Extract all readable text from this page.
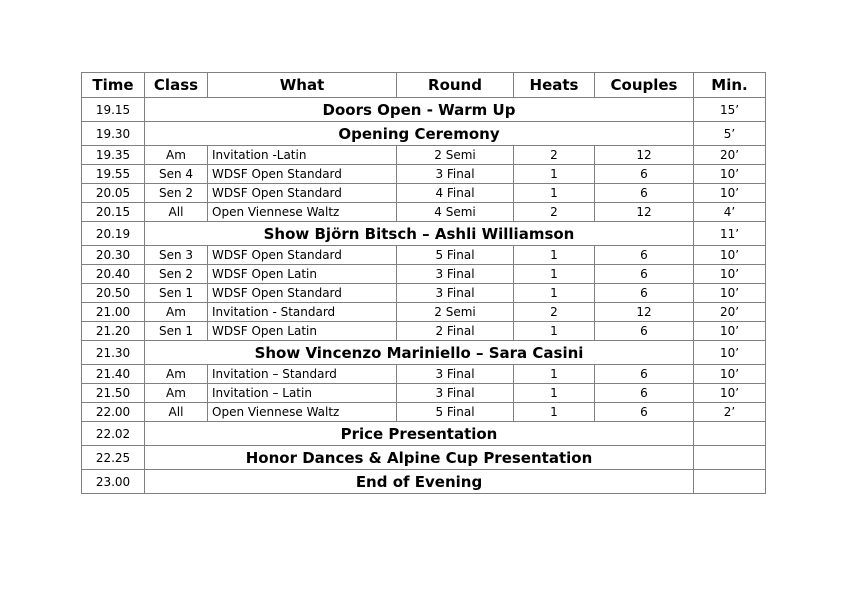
Time	Class	What	Round	Heats	Couples	Min.
19.15	Doors Open - Warm Up					15’
19.30	Opening Ceremony					5’
19.35	Am	Invitation -Latin	2 Semi	2	12	20’
19.55	Sen 4	WDSF Open Standard	3 Final	1	6	10’
20.05	Sen 2	WDSF Open Standard	4 Final	1	6	10’
20.15	All	Open Viennese Waltz	4 Semi	2	12	4’
20.19	Show Björn Bitsch – Ashli Williamson					11’
20.30	Sen 3	WDSF Open Standard	5 Final	1	6	10’
20.40	Sen 2	WDSF Open Latin	3 Final	1	6	10’
20.50	Sen 1	WDSF Open Standard	3 Final	1	6	10’
21.00	Am	Invitation - Standard	2 Semi	2	12	20’
21.20	Sen 1	WDSF Open Latin	2 Final	1	6	10’
21.30	Show Vincenzo Mariniello – Sara Casini					10’
21.40	Am	Invitation – Standard	3 Final	1	6	10’
21.50	Am	Invitation – Latin	3 Final	1	6	10’
22.00	All	Open Viennese Waltz	5 Final	1	6	2’
22.02	Price Presentation					
22.25	Honor Dances & Alpine Cup Presentation					
23.00	End of Evening					
